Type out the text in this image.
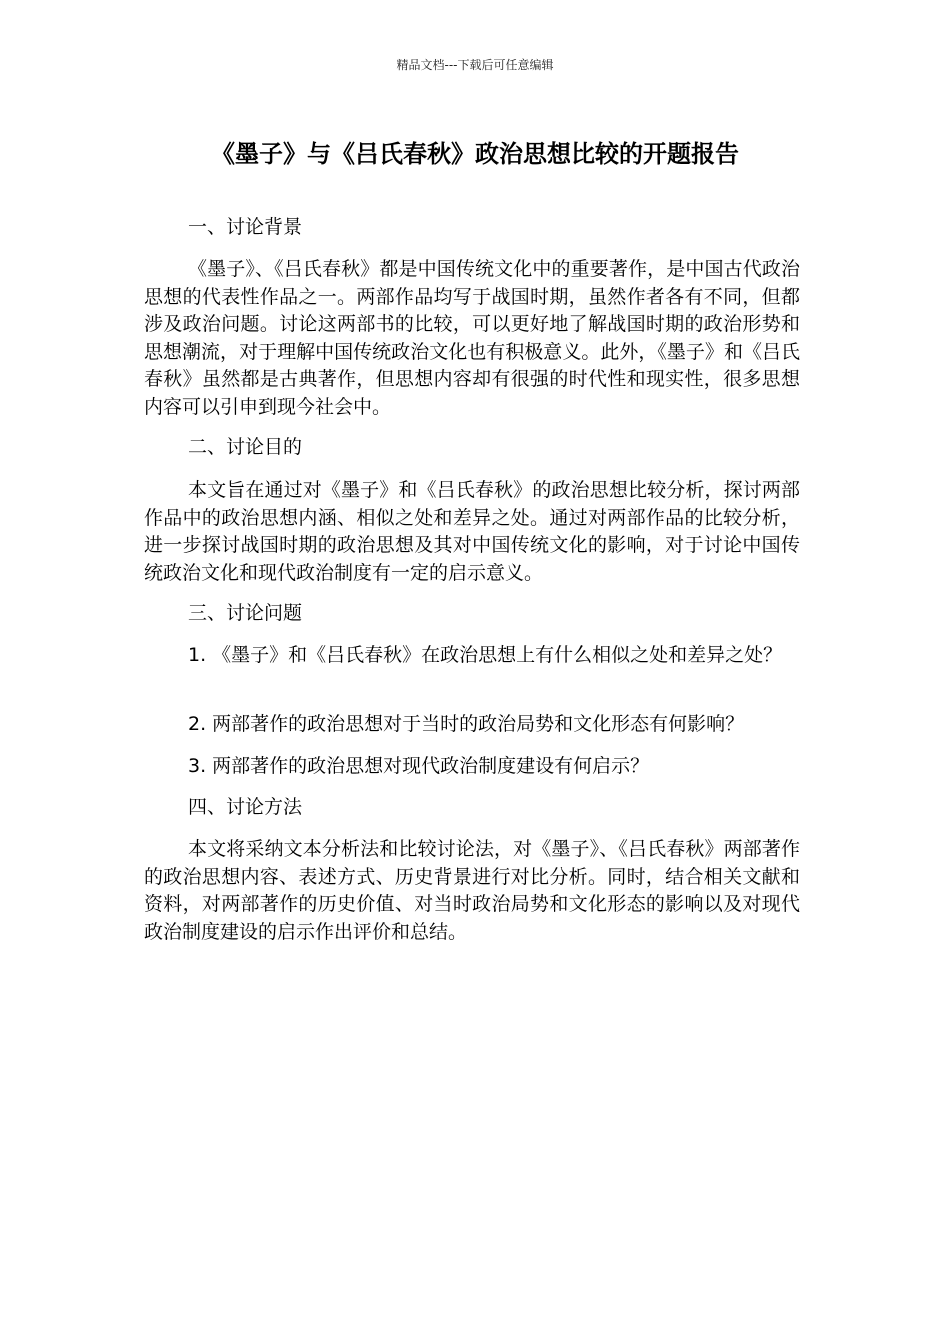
精品文档---下载后可任意编辑
《墨子》与《吕氏春秋》政治思想比较的开题报告

一、讨论背景

《墨子》、《吕氏春秋》都是中国传统文化中的重要著作，是中国古代政治思想的代表性作品之一。两部作品均写于战国时期，虽然作者各有不同，但都涉及政治问题。讨论这两部书的比较，可以更好地了解战国时期的政治形势和思想潮流，对于理解中国传统政治文化也有积极意义。此外，《墨子》和《吕氏春秋》虽然都是古典著作，但思想内容却有很强的时代性和现实性，很多思想内容可以引申到现今社会中。

二、讨论目的

本文旨在通过对《墨子》和《吕氏春秋》的政治思想比较分析，探讨两部作品中的政治思想内涵、相似之处和差异之处。通过对两部作品的比较分析，进一步探讨战国时期的政治思想及其对中国传统文化的影响，对于讨论中国传统政治文化和现代政治制度有一定的启示意义。

三、讨论问题

1. 《墨子》和《吕氏春秋》在政治思想上有什么相似之处和差异之处？

2. 两部著作的政治思想对于当时的政治局势和文化形态有何影响？

3. 两部著作的政治思想对现代政治制度建设有何启示？

四、讨论方法

本文将采纳文本分析法和比较讨论法，对《墨子》、《吕氏春秋》两部著作的政治思想内容、表述方式、历史背景进行对比分析。同时，结合相关文献和资料，对两部著作的历史价值、对当时政治局势和文化形态的影响以及对现代政治制度建设的启示作出评价和总结。
